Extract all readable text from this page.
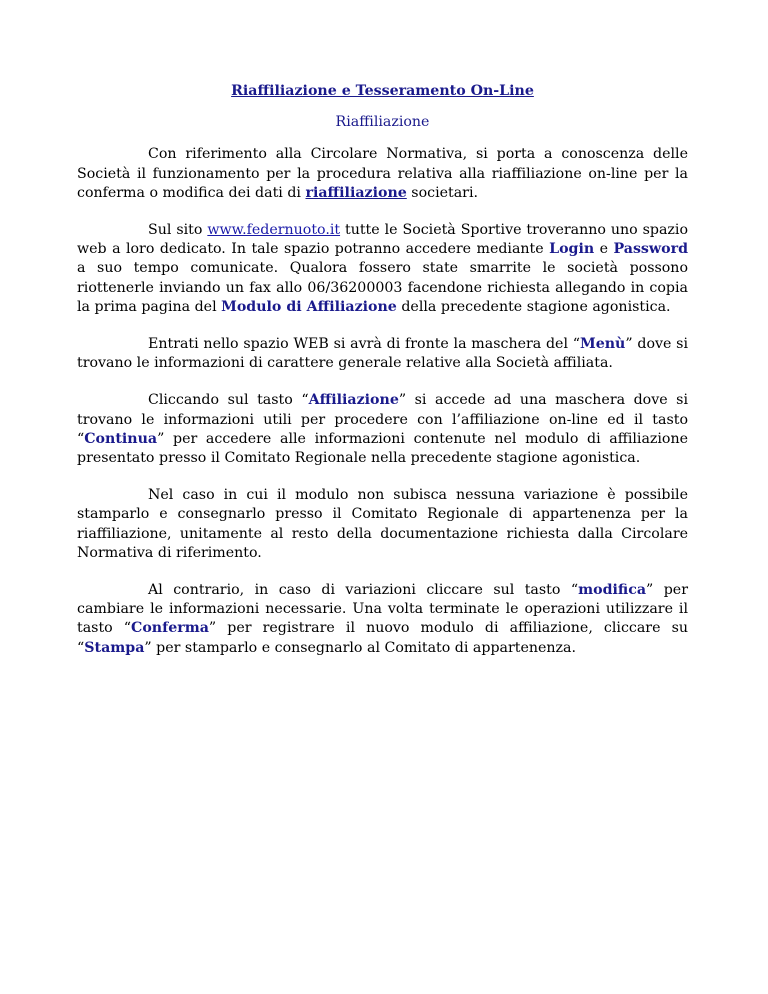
Riaffiliazione e Tesseramento On-Line
Riaffiliazione

Con riferimento alla Circolare Normativa, si porta a conoscenza delle Società il funzionamento per la procedura relativa alla riaffiliazione on-line per la conferma o modifica dei dati di riaffiliazione societari.

Sul sito www.federnuoto.it tutte le Società Sportive troveranno uno spazio web a loro dedicato. In tale spazio potranno accedere mediante Login e Password a suo tempo comunicate. Qualora fossero state smarrite le società possono riottenerle inviando un fax allo 06/36200003 facendone richiesta allegando in copia la prima pagina del Modulo di Affiliazione della precedente stagione agonistica.

Entrati nello spazio WEB si avrà di fronte la maschera del “Menù” dove si trovano le informazioni di carattere generale relative alla Società affiliata.

Cliccando sul tasto “Affiliazione” si accede ad una maschera dove si trovano le informazioni utili per procedere con l’affiliazione on-line ed il tasto “Continua” per accedere alle informazioni contenute nel modulo di affiliazione presentato presso il Comitato Regionale nella precedente stagione agonistica.

Nel caso in cui il modulo non subisca nessuna variazione è possibile stamparlo e consegnarlo presso il Comitato Regionale di appartenenza per la riaffiliazione, unitamente al resto della documentazione richiesta dalla Circolare Normativa di riferimento.

Al contrario, in caso di variazioni cliccare sul tasto “modifica” per cambiare le informazioni necessarie. Una volta terminate le operazioni utilizzare il tasto “Conferma” per registrare il nuovo modulo di affiliazione, cliccare su “Stampa” per stamparlo e consegnarlo al Comitato di appartenenza.
